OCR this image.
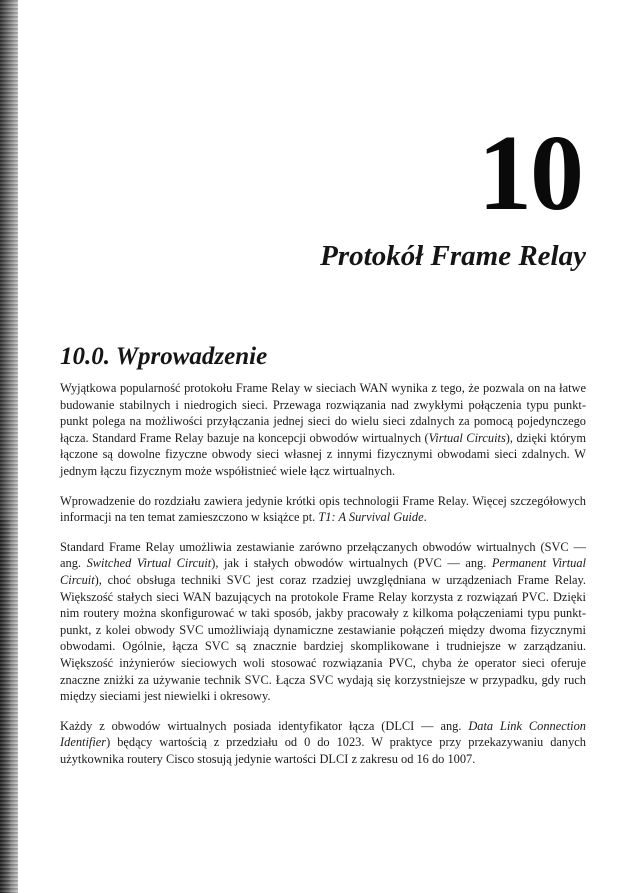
10
Protokół Frame Relay
10.0. Wprowadzenie

Wyjątkowa popularność protokołu Frame Relay w sieciach WAN wynika z tego, że pozwala on na łatwe budowanie stabilnych i niedrogich sieci. Przewaga rozwiązania nad zwykłymi połączenia typu punkt-punkt polega na możliwości przyłączania jednej sieci do wielu sieci zdalnych za pomocą pojedynczego łącza. Standard Frame Relay bazuje na koncepcji obwodów wirtualnych (Virtual Circuits), dzięki którym łączone są dowolne fizyczne obwody sieci własnej z innymi fizycznymi obwodami sieci zdalnych. W jednym łączu fizycznym może współistnieć wiele łącz wirtualnych.

Wprowadzenie do rozdziału zawiera jedynie krótki opis technologii Frame Relay. Więcej szczegółowych informacji na ten temat zamieszczono w książce pt. T1: A Survival Guide.

Standard Frame Relay umożliwia zestawianie zarówno przełączanych obwodów wirtualnych (SVC — ang. Switched Virtual Circuit), jak i stałych obwodów wirtualnych (PVC — ang. Permanent Virtual Circuit), choć obsługa techniki SVC jest coraz rzadziej uwzględniana w urządzeniach Frame Relay. Większość stałych sieci WAN bazujących na protokole Frame Relay korzysta z rozwiązań PVC. Dzięki nim routery można skonfigurować w taki sposób, jakby pracowały z kilkoma połączeniami typu punkt-punkt, z kolei obwody SVC umożliwiają dynamiczne zestawianie połączeń między dwoma fizycznymi obwodami. Ogólnie, łącza SVC są znacznie bardziej skomplikowane i trudniejsze w zarządzaniu. Większość inżynierów sieciowych woli stosować rozwiązania PVC, chyba że operator sieci oferuje znaczne zniżki za używanie technik SVC. Łącza SVC wydają się korzystniejsze w przypadku, gdy ruch między sieciami jest niewielki i okresowy.

Każdy z obwodów wirtualnych posiada identyfikator łącza (DLCI — ang. Data Link Connection Identifier) będący wartością z przedziału od 0 do 1023. W praktyce przy przekazywaniu danych użytkownika routery Cisco stosują jedynie wartości DLCI z zakresu od 16 do 1007.
